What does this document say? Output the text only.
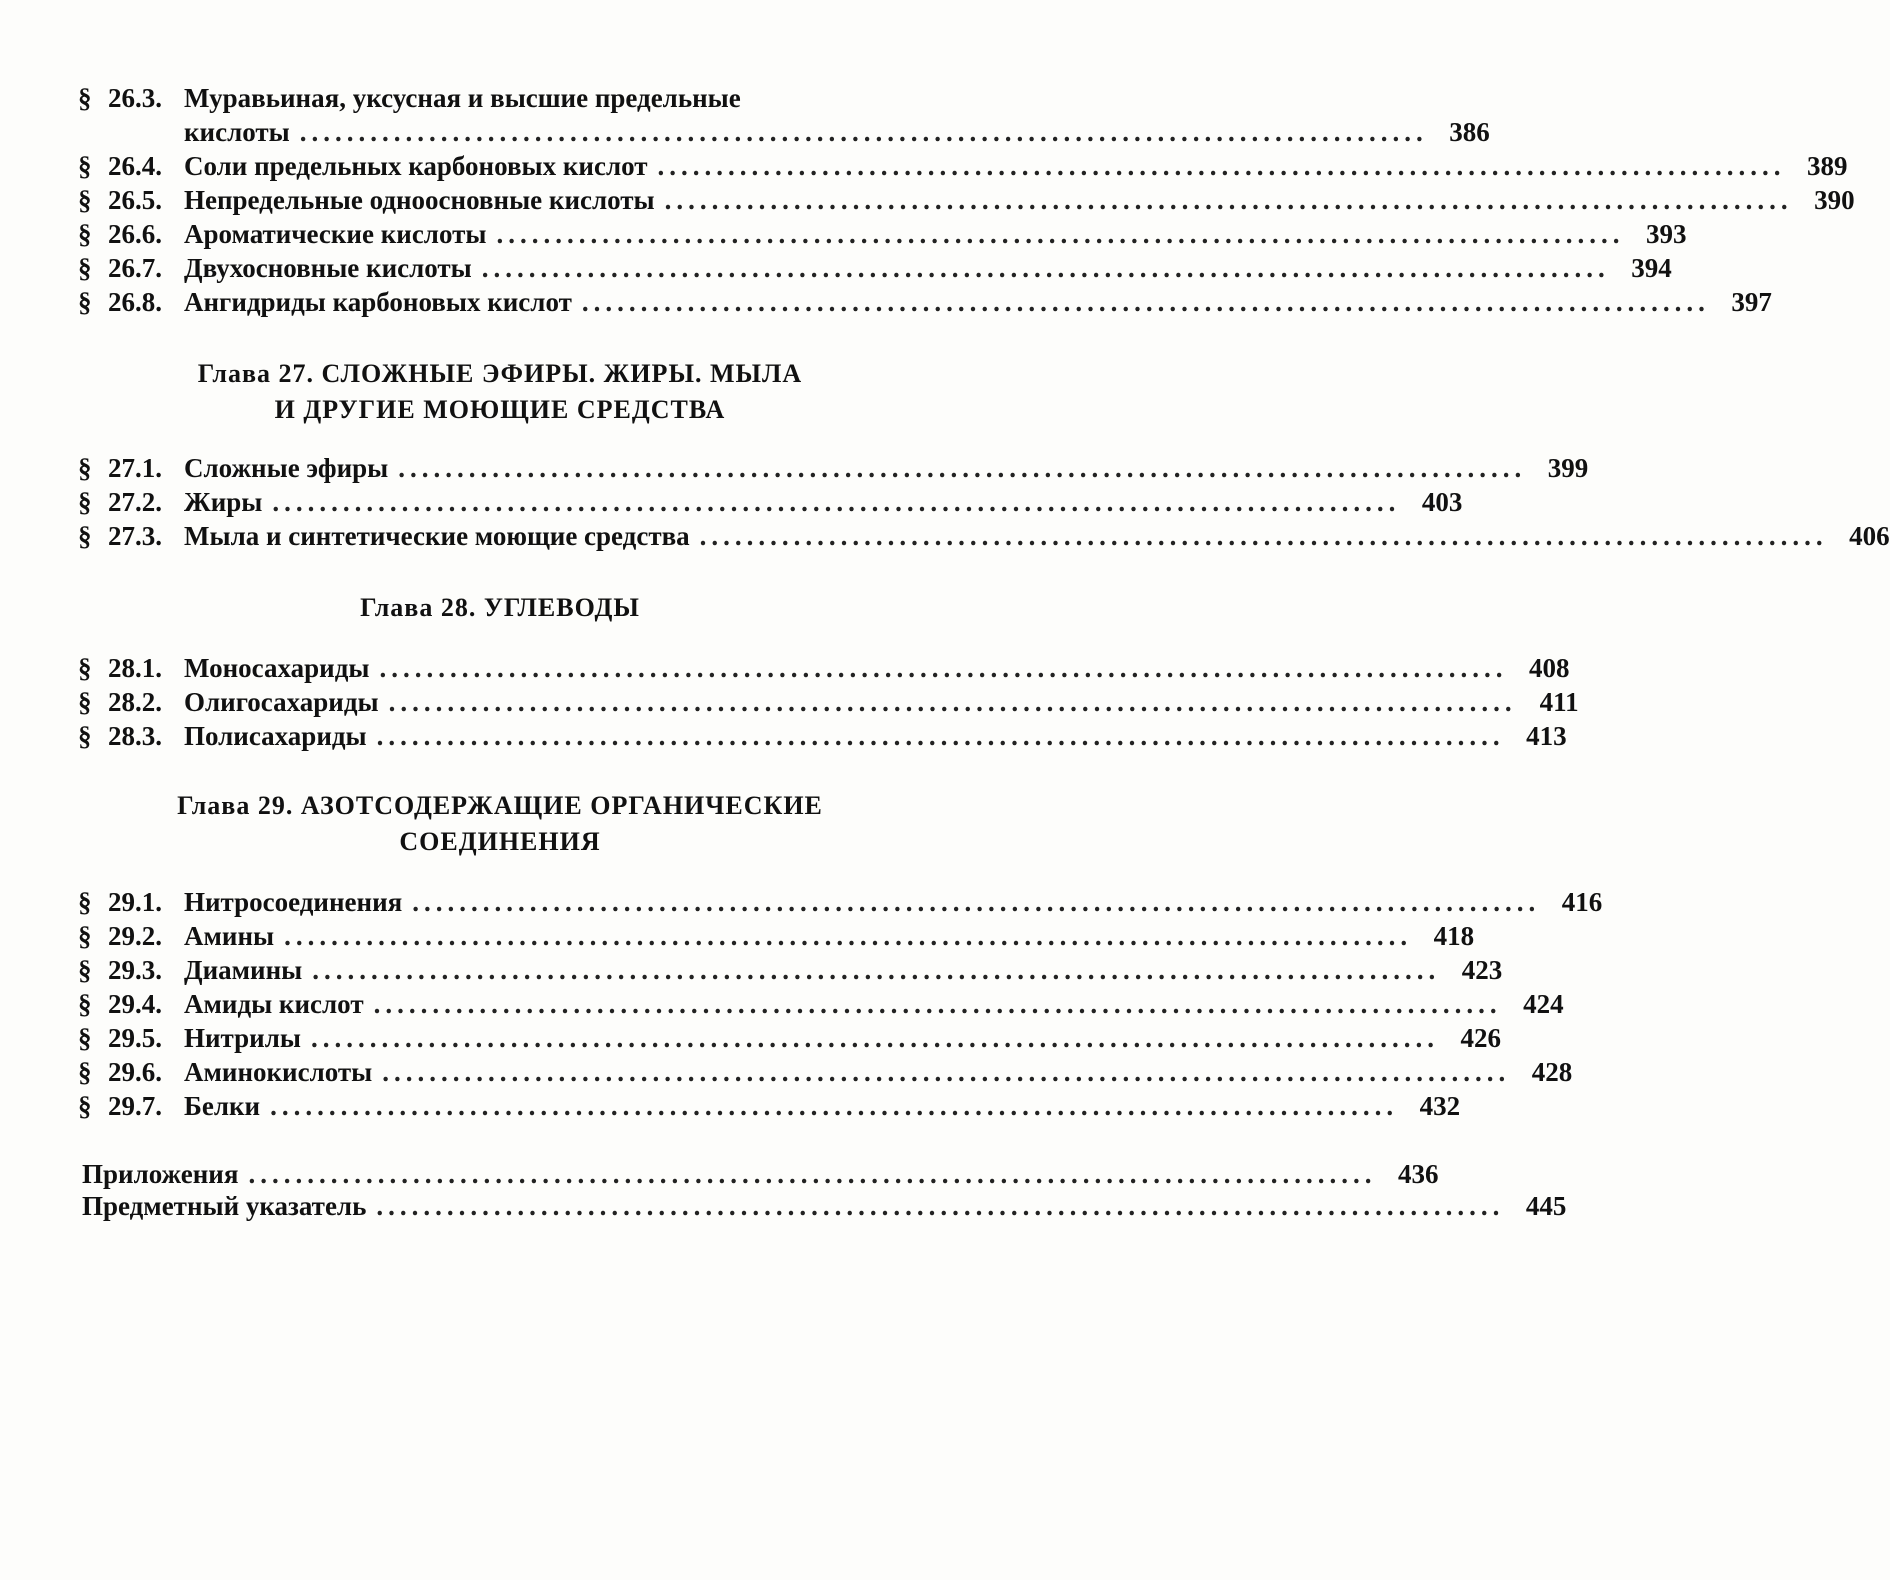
§ 26.3. Муравьиная, уксусная и высшие предельные
кислоты ................................................................................................ 386
§ 26.4. Соли предельных карбоновых кислот ................................................................................................ 389
§ 26.5. Непредельные одноосновные кислоты ................................................................................................ 390
§ 26.6. Ароматические кислоты ................................................................................................ 393
§ 26.7. Двухосновные кислоты ................................................................................................ 394
§ 26.8. Ангидриды карбоновых кислот ................................................................................................ 397
Глава 27. СЛОЖНЫЕ ЭФИРЫ. ЖИРЫ. МЫЛА
И ДРУГИЕ МОЮЩИЕ СРЕДСТВА
§ 27.1. Сложные эфиры ................................................................................................ 399
§ 27.2. Жиры ................................................................................................ 403
§ 27.3. Мыла и синтетические моющие средства ................................................................................................ 406
Глава 28. УГЛЕВОДЫ
§ 28.1. Моносахариды ................................................................................................ 408
§ 28.2. Олигосахариды ................................................................................................ 411
§ 28.3. Полисахариды ................................................................................................ 413
Глава 29. АЗОТСОДЕРЖАЩИЕ ОРГАНИЧЕСКИЕ
СОЕДИНЕНИЯ
§ 29.1. Нитросоединения ................................................................................................ 416
§ 29.2. Амины ................................................................................................ 418
§ 29.3. Диамины ................................................................................................ 423
§ 29.4. Амиды кислот ................................................................................................ 424
§ 29.5. Нитрилы ................................................................................................ 426
§ 29.6. Аминокислоты ................................................................................................ 428
§ 29.7. Белки ................................................................................................ 432
Приложения ................................................................................................ 436
Предметный указатель ................................................................................................ 445
